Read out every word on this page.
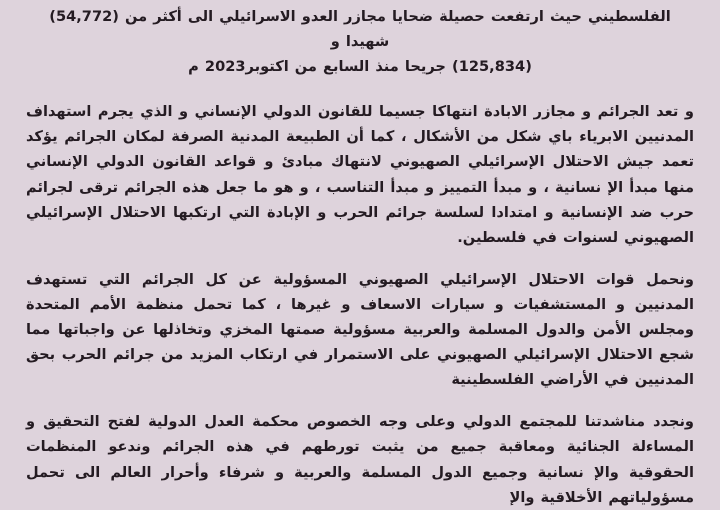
الفلسطيني حيث ارتفعت حصيلة ضحايا مجازر العدو الاسرائيلي الى أكثر من (54,772) شهيدا و

(125,834) جريحا منذ السابع من اكتوبر2023 م

و تعد الجرائم و مجازر الابادة انتهاكا جسيما للقانون الدولي الإنساني و الذي يجرم استهداف المدنيين الابرياء باي شكل من الأشكال ، كما أن الطبيعة المدنية الصرفة لمكان الجرائم يؤكد تعمد جيش الاحتلال الإسرائيلي الصهيوني لانتهاك مبادئ و قواعد القانون الدولي الإنساني منها مبدأ الإ نسانية ، و مبدأ التمييز و مبدأ التناسب ، و هو ما جعل هذه الجرائم ترقى لجرائم حرب ضد الإنسانية و امتدادا لسلسة جرائم الحرب و الإبادة التي ارتكبها الاحتلال الإسرائيلي الصهيوني لسنوات في فلسطين.

ونحمل قوات الاحتلال الإسرائيلي الصهيوني المسؤولية عن كل الجرائم التي تستهدف المدنيين و المستشفيات و سيارات الاسعاف و غيرها ، كما تحمل منظمة الأمم المتحدة ومجلس الأمن والدول المسلمة والعربية مسؤولية صمتها المخزي وتخاذلها عن واجباتها مما شجع الاحتلال الإسرائيلي الصهيوني على الاستمرار في ارتكاب المزيد من جرائم الحرب بحق المدنيين في الأراضي الفلسطينية

ونجدد مناشدتنا للمجتمع الدولي وعلى وجه الخصوص محكمة العدل الدولية لفتح التحقيق و المساءلة الجنائية ومعاقبة جميع من يثبت تورطهم في هذه الجرائم وندعو المنظمات الحقوقية والإ نسانية وجميع الدول المسلمة والعربية و شرفاء وأحرار العالم الى تحمل مسؤولياتهم الأخلاقية والإ
